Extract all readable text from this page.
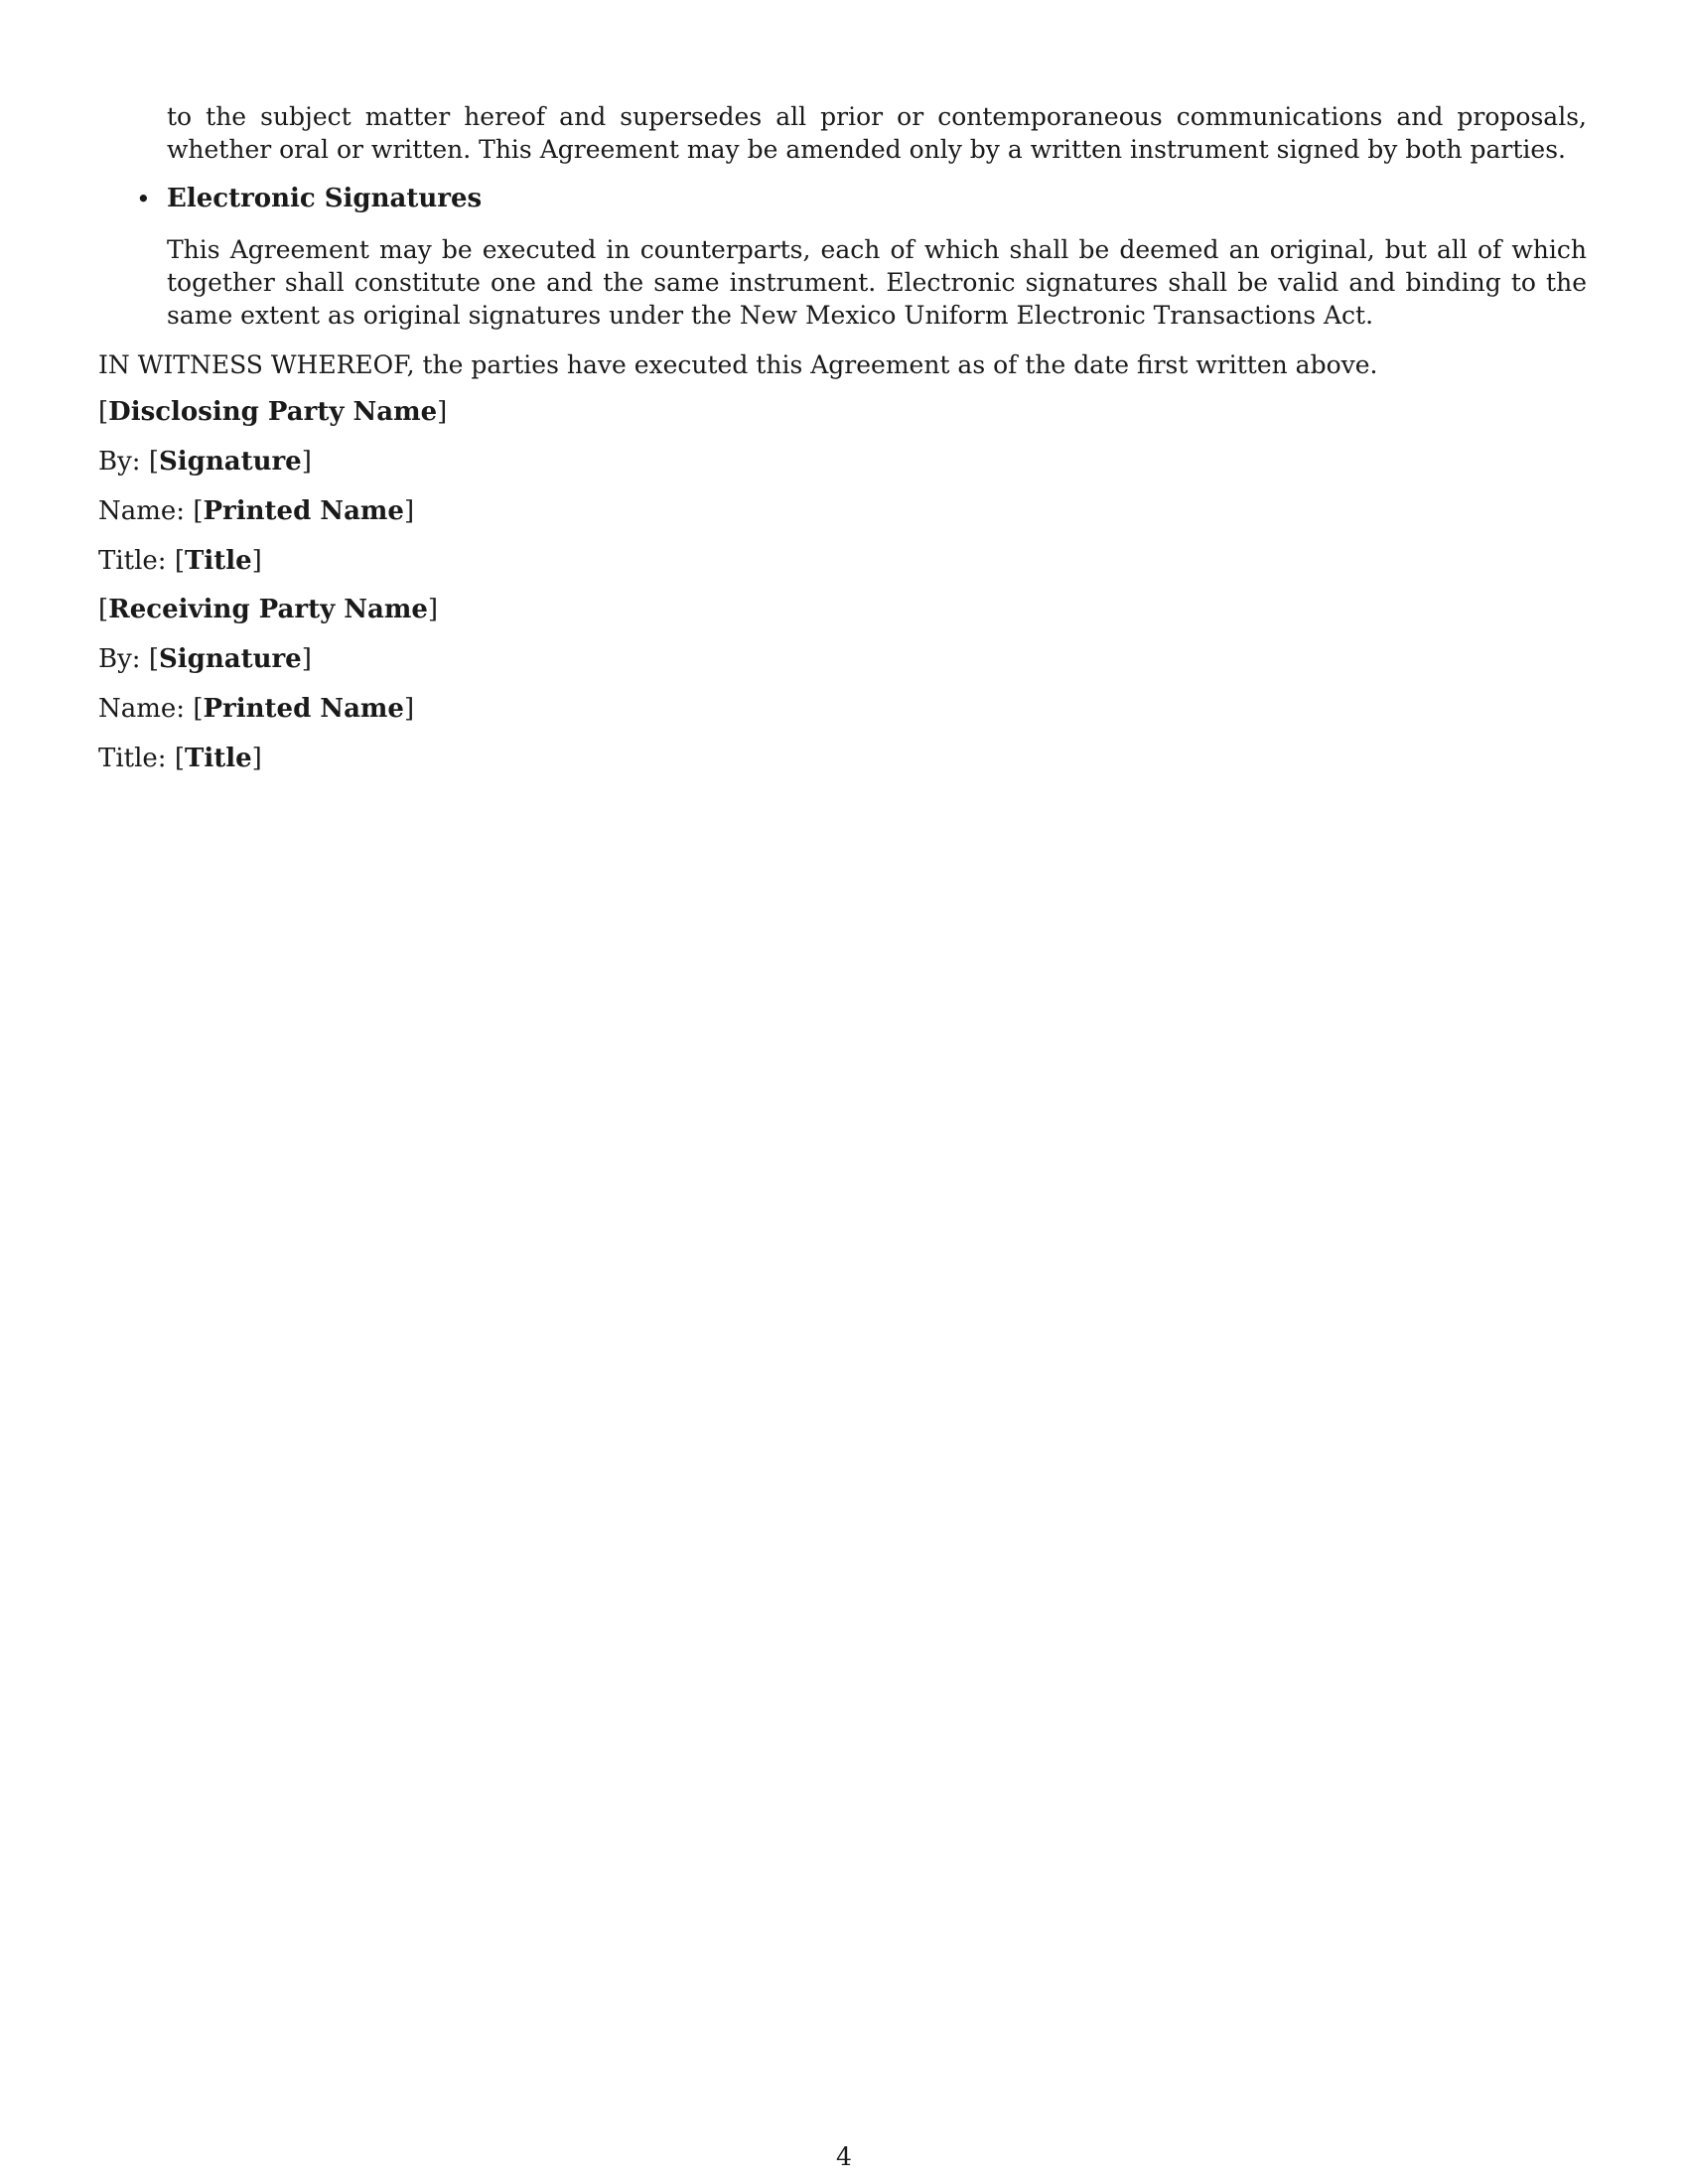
to the subject matter hereof and supersedes all prior or contemporaneous communications and proposals, whether oral or written. This Agreement may be amended only by a written instrument signed by both parties.

• Electronic Signatures

This Agreement may be executed in counterparts, each of which shall be deemed an original, but all of which together shall constitute one and the same instrument. Electronic signatures shall be valid and binding to the same extent as original signatures under the New Mexico Uniform Electronic Transactions Act.

IN WITNESS WHEREOF, the parties have executed this Agreement as of the date first written above.

[Disclosing Party Name]
By: [Signature]
Name: [Printed Name]
Title: [Title]
[Receiving Party Name]
By: [Signature]
Name: [Printed Name]
Title: [Title]
4
